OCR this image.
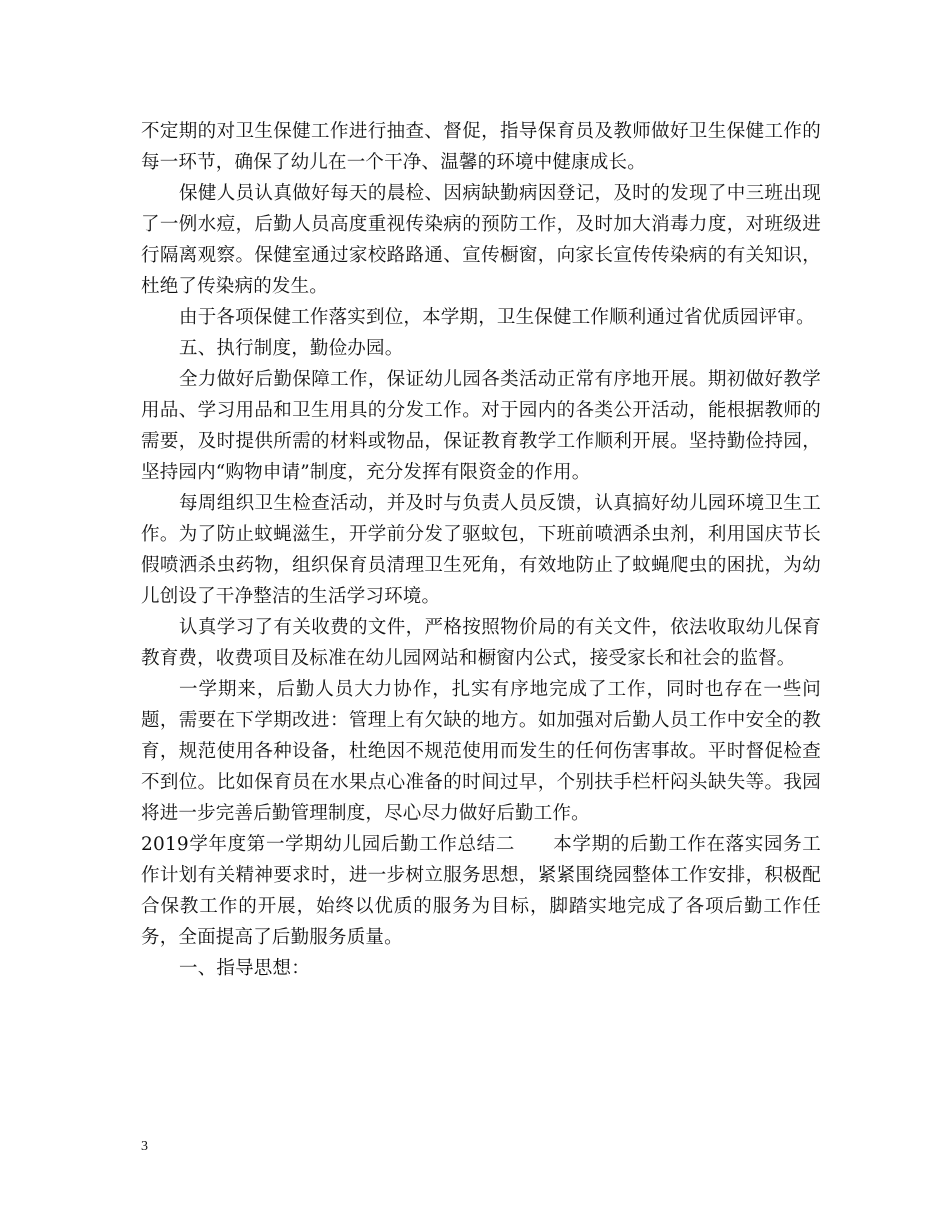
不定期的对卫生保健工作进行抽查、督促，指导保育员及教师做好卫生保健工作的每一环节，确保了幼儿在一个干净、温馨的环境中健康成长。

保健人员认真做好每天的晨检、因病缺勤病因登记，及时的发现了中三班出现了一例水痘，后勤人员高度重视传染病的预防工作，及时加大消毒力度，对班级进行隔离观察。保健室通过家校路路通、宣传橱窗，向家长宣传传染病的有关知识，杜绝了传染病的发生。

由于各项保健工作落实到位，本学期，卫生保健工作顺利通过省优质园评审。

五、执行制度，勤俭办园。

全力做好后勤保障工作，保证幼儿园各类活动正常有序地开展。期初做好教学用品、学习用品和卫生用具的分发工作。对于园内的各类公开活动，能根据教师的需要，及时提供所需的材料或物品，保证教育教学工作顺利开展。坚持勤俭持园，坚持园内“购物申请”制度，充分发挥有限资金的作用。

每周组织卫生检查活动，并及时与负责人员反馈，认真搞好幼儿园环境卫生工作。为了防止蚊蝇滋生，开学前分发了驱蚊包，下班前喷洒杀虫剂，利用国庆节长假喷洒杀虫药物，组织保育员清理卫生死角，有效地防止了蚊蝇爬虫的困扰，为幼儿创设了干净整洁的生活学习环境。

认真学习了有关收费的文件，严格按照物价局的有关文件，依法收取幼儿保育教育费，收费项目及标准在幼儿园网站和橱窗内公式，接受家长和社会的监督。

一学期来，后勤人员大力协作，扎实有序地完成了工作，同时也存在一些问题，需要在下学期改进：管理上有欠缺的地方。如加强对后勤人员工作中安全的教育，规范使用各种设备，杜绝因不规范使用而发生的任何伤害事故。平时督促检查不到位。比如保育员在水果点心准备的时间过早，个别扶手栏杆闷头缺失等。我园将进一步完善后勤管理制度，尽心尽力做好后勤工作。

2019学年度第一学期幼儿园后勤工作总结二　　本学期的后勤工作在落实园务工作计划有关精神要求时，进一步树立服务思想，紧紧围绕园整体工作安排，积极配合保教工作的开展，始终以优质的服务为目标，脚踏实地完成了各项后勤工作任务，全面提高了后勤服务质量。

一、指导思想：

3
